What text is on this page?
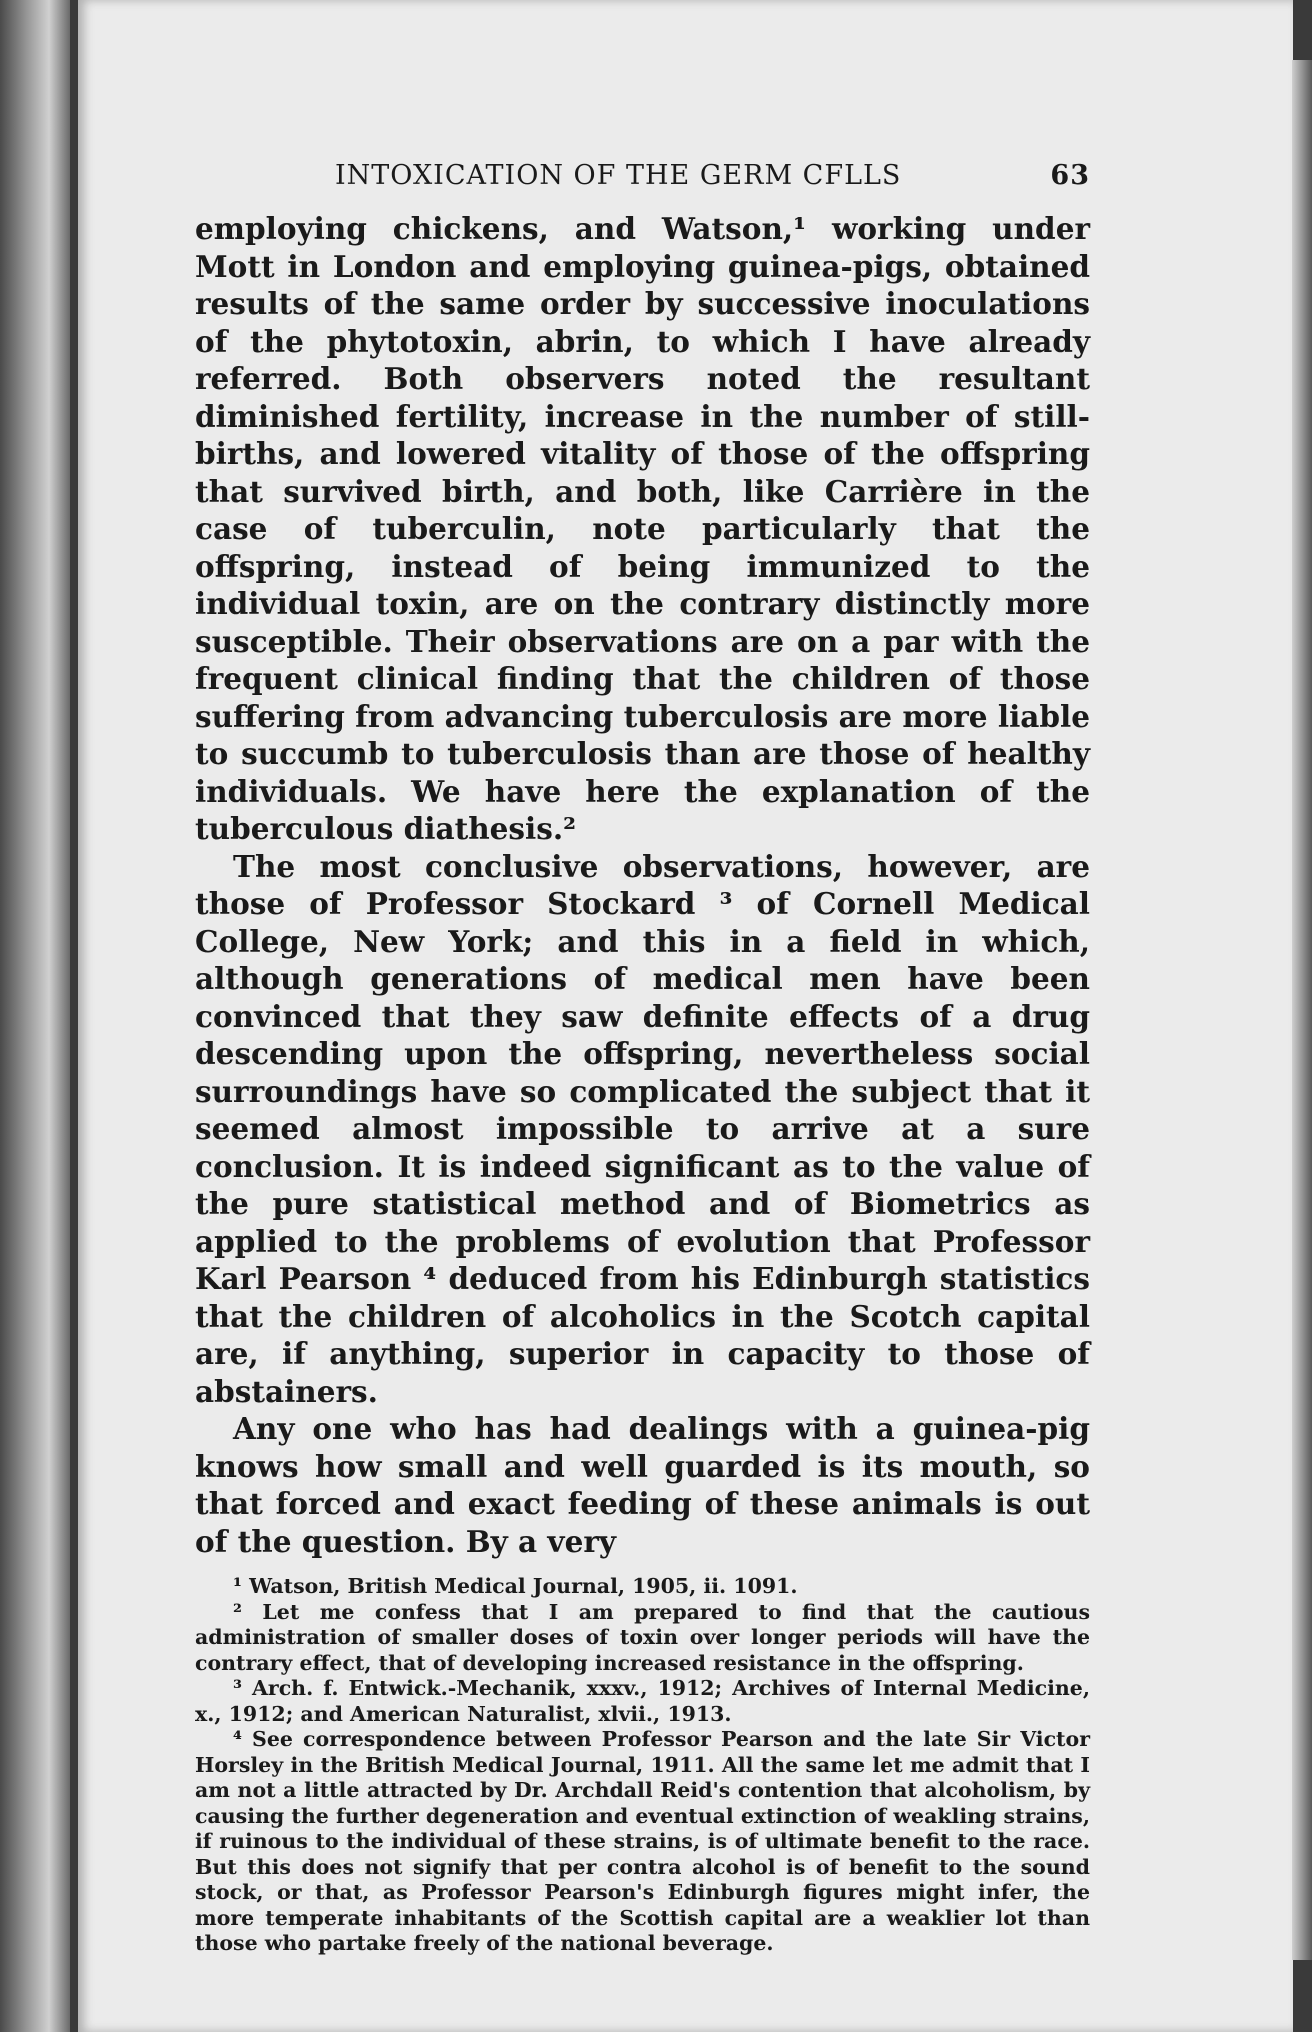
INTOXICATION OF THE GERM CFLLS	63

employing chickens, and Watson,¹ working under Mott in London and employing guinea-pigs, obtained results of the same order by successive inoculations of the phytotoxin, abrin, to which I have already referred. Both observers noted the resultant diminished fertility, increase in the number of still-births, and lowered vitality of those of the offspring that survived birth, and both, like Carrière in the case of tuberculin, note particularly that the offspring, instead of being immunized to the individual toxin, are on the contrary distinctly more susceptible. Their observations are on a par with the frequent clinical finding that the children of those suffering from advancing tuberculosis are more liable to succumb to tuberculosis than are those of healthy individuals. We have here the explanation of the tuberculous diathesis.²

The most conclusive observations, however, are those of Professor Stockard ³ of Cornell Medical College, New York; and this in a field in which, although generations of medical men have been convinced that they saw definite effects of a drug descending upon the offspring, nevertheless social surroundings have so complicated the subject that it seemed almost impossible to arrive at a sure conclusion. It is indeed significant as to the value of the pure statistical method and of Biometrics as applied to the problems of evolution that Professor Karl Pearson ⁴ deduced from his Edinburgh statistics that the children of alcoholics in the Scotch capital are, if anything, superior in capacity to those of abstainers.

Any one who has had dealings with a guinea-pig knows how small and well guarded is its mouth, so that forced and exact feeding of these animals is out of the question. By a very

¹ Watson, British Medical Journal, 1905, ii. 1091.

² Let me confess that I am prepared to find that the cautious administration of smaller doses of toxin over longer periods will have the contrary effect, that of developing increased resistance in the offspring.

³ Arch. f. Entwick.-Mechanik, xxxv., 1912; Archives of Internal Medicine, x., 1912; and American Naturalist, xlvii., 1913.

⁴ See correspondence between Professor Pearson and the late Sir Victor Horsley in the British Medical Journal, 1911. All the same let me admit that I am not a little attracted by Dr. Archdall Reid's contention that alcoholism, by causing the further degeneration and eventual extinction of weakling strains, if ruinous to the individual of these strains, is of ultimate benefit to the race. But this does not signify that per contra alcohol is of benefit to the sound stock, or that, as Professor Pearson's Edinburgh figures might infer, the more temperate inhabitants of the Scottish capital are a weaklier lot than those who partake freely of the national beverage.
